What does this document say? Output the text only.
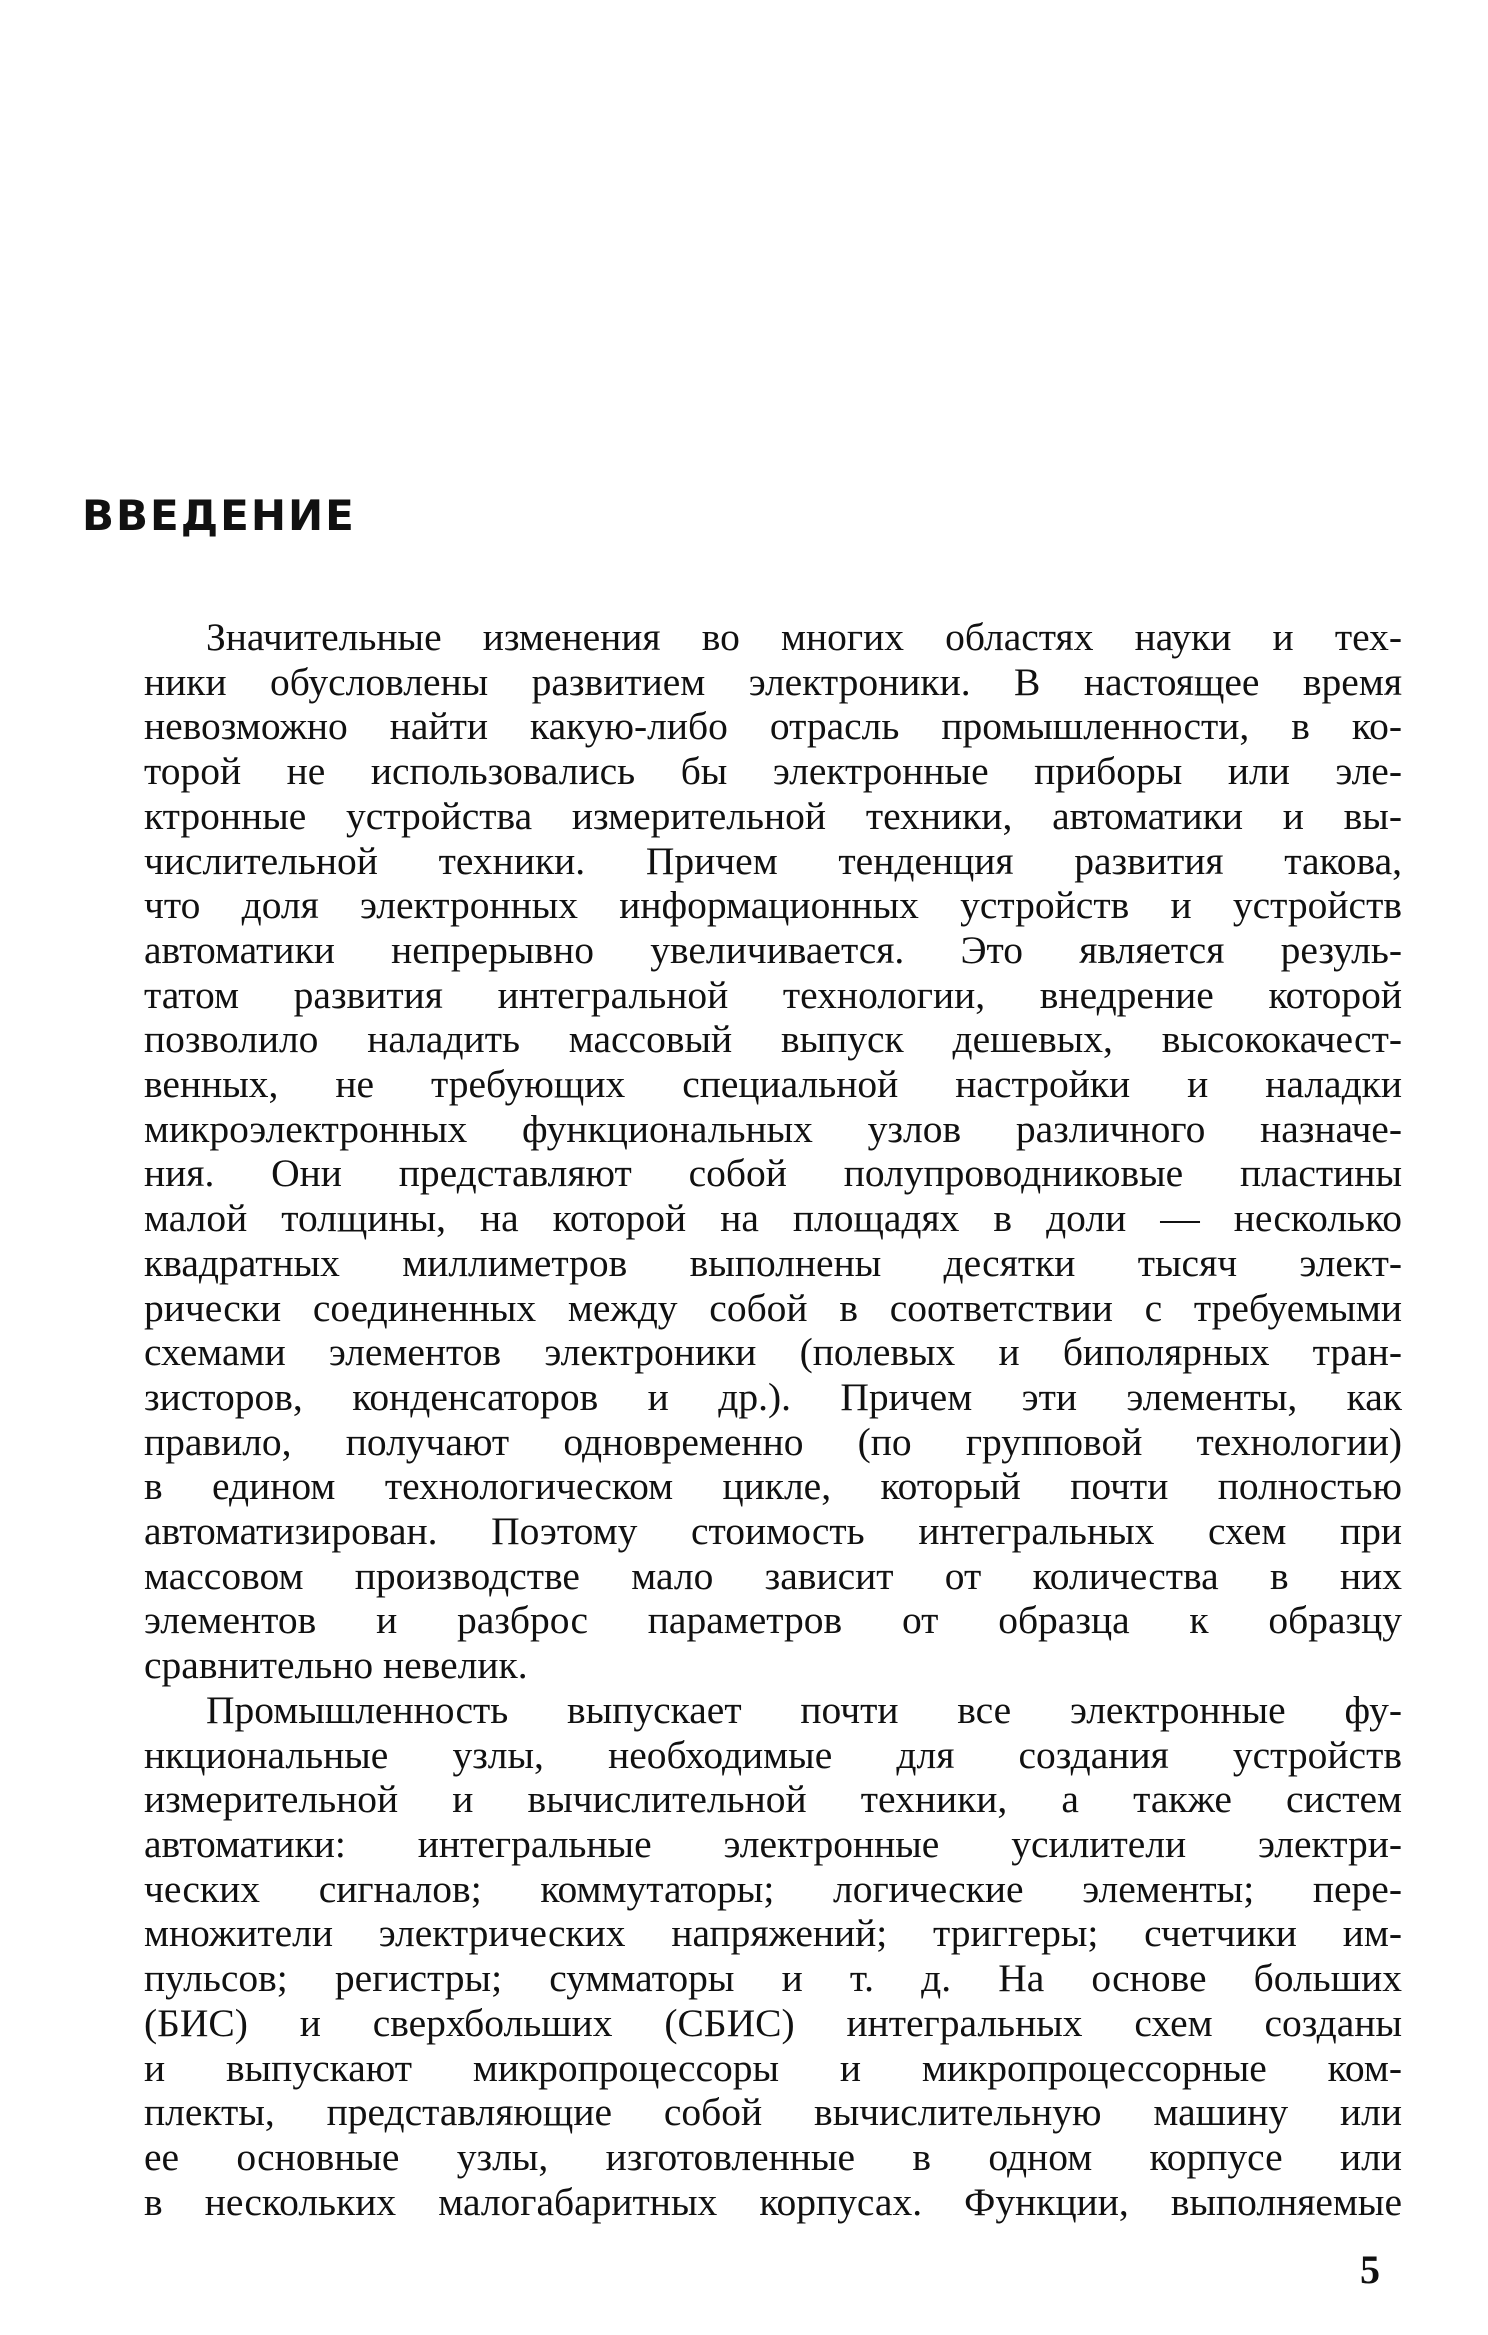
ВВЕДЕНИЕ

Значительные изменения во многих областях науки и тех-
ники обусловлены развитием электроники. В настоящее время
невозможно найти какую-либо отрасль промышленности, в ко-
торой не использовались бы электронные приборы или эле-
ктронные устройства измерительной техники, автоматики и вы-
числительной техники. Причем тенденция развития такова,
что доля электронных информационных устройств и устройств
автоматики непрерывно увеличивается. Это является резуль-
татом развития интегральной технологии, внедрение которой
позволило наладить массовый выпуск дешевых, высококачест-
венных, не требующих специальной настройки и наладки
микроэлектронных функциональных узлов различного назначе-
ния. Они представляют собой полупроводниковые пластины
малой толщины, на которой на площадях в доли — несколько
квадратных миллиметров выполнены десятки тысяч элект-
рически соединенных между собой в соответствии с требуемыми
схемами элементов электроники (полевых и биполярных тран-
зисторов, конденсаторов и др.). Причем эти элементы, как
правило, получают одновременно (по групповой технологии)
в едином технологическом цикле, который почти полностью
автоматизирован. Поэтому стоимость интегральных схем при
массовом производстве мало зависит от количества в них
элементов и разброс параметров от образца к образцу
сравнительно невелик.

Промышленность выпускает почти все электронные фу-
нкциональные узлы, необходимые для создания устройств
измерительной и вычислительной техники, а также систем
автоматики: интегральные электронные усилители электри-
ческих сигналов; коммутаторы; логические элементы; пере-
множители электрических напряжений; триггеры; счетчики им-
пульсов; регистры; сумматоры и т. д. На основе больших
(БИС) и сверхбольших (СБИС) интегральных схем созданы
и выпускают микропроцессоры и микропроцессорные ком-
плекты, представляющие собой вычислительную машину или
ее основные узлы, изготовленные в одном корпусе или
в нескольких малогабаритных корпусах. Функции, выполняемые

5
